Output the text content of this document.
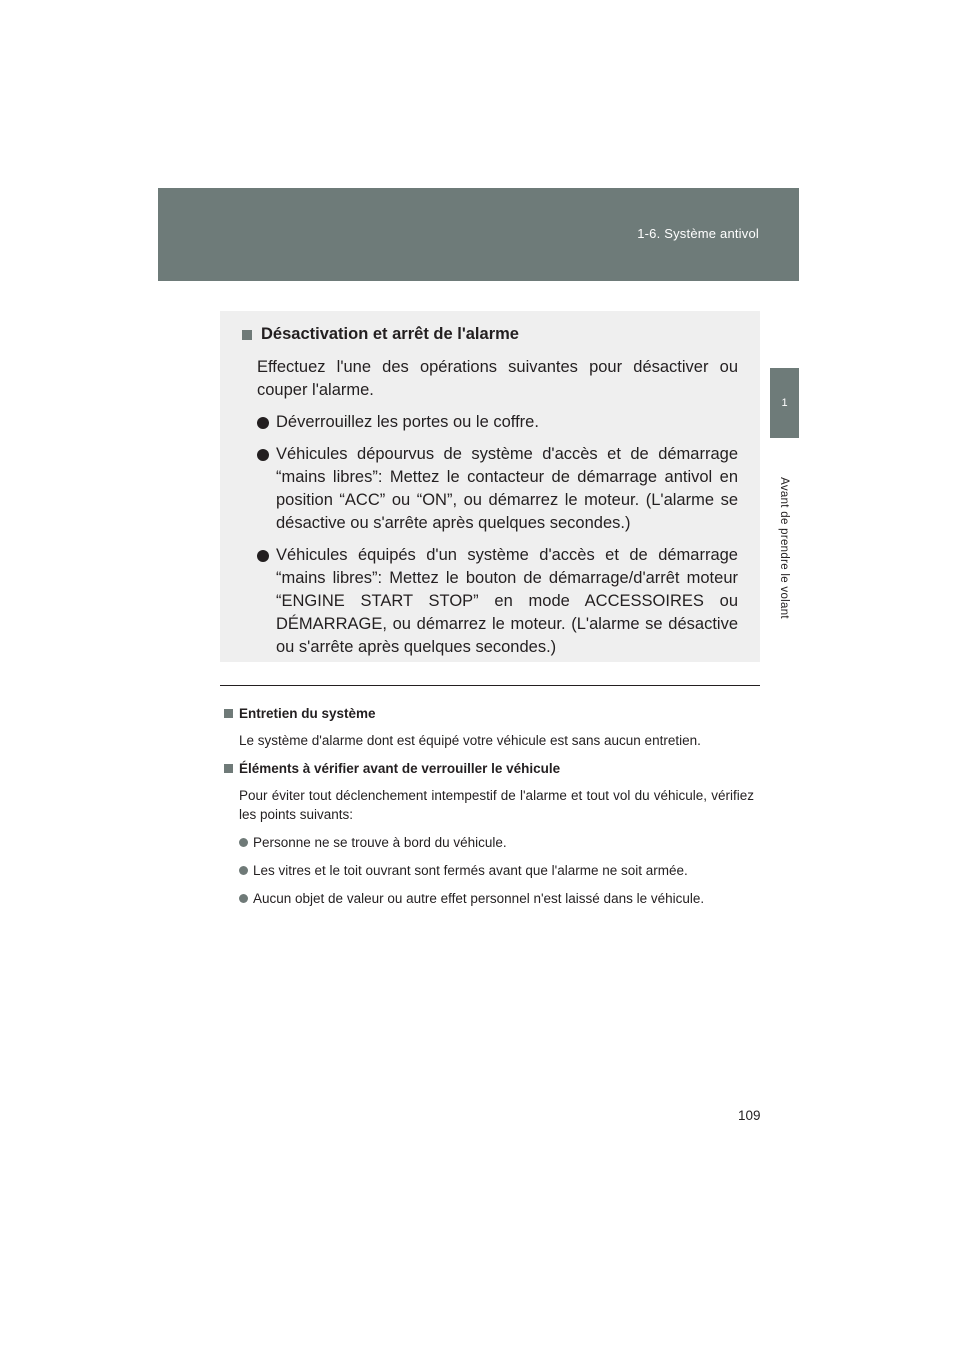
1-6. Système antivol
1
Avant de prendre le volant
Désactivation et arrêt de l'alarme
Effectuez l'une des opérations suivantes pour désactiver ou couper l'alarme.
Déverrouillez les portes ou le coffre.
Véhicules dépourvus de système d'accès et de démarrage “mains libres”: Mettez le contacteur de démarrage antivol en position “ACC” ou “ON”, ou démarrez le moteur. (L'alarme se désactive ou s'arrête après quelques secondes.)
Véhicules équipés d'un système d'accès et de démarrage “mains libres”: Mettez le bouton de démarrage/d'arrêt moteur “ENGINE START STOP” en mode ACCESSOIRES ou DÉMARRAGE, ou démarrez le moteur. (L'alarme se désactive ou s'arrête après quelques secondes.)
Entretien du système
Le système d'alarme dont est équipé votre véhicule est sans aucun entretien.
Éléments à vérifier avant de verrouiller le véhicule
Pour éviter tout déclenchement intempestif de l'alarme et tout vol du véhicule, vérifiez les points suivants:
Personne ne se trouve à bord du véhicule.
Les vitres et le toit ouvrant sont fermés avant que l'alarme ne soit armée.
Aucun objet de valeur ou autre effet personnel n'est laissé dans le véhicule.
109
